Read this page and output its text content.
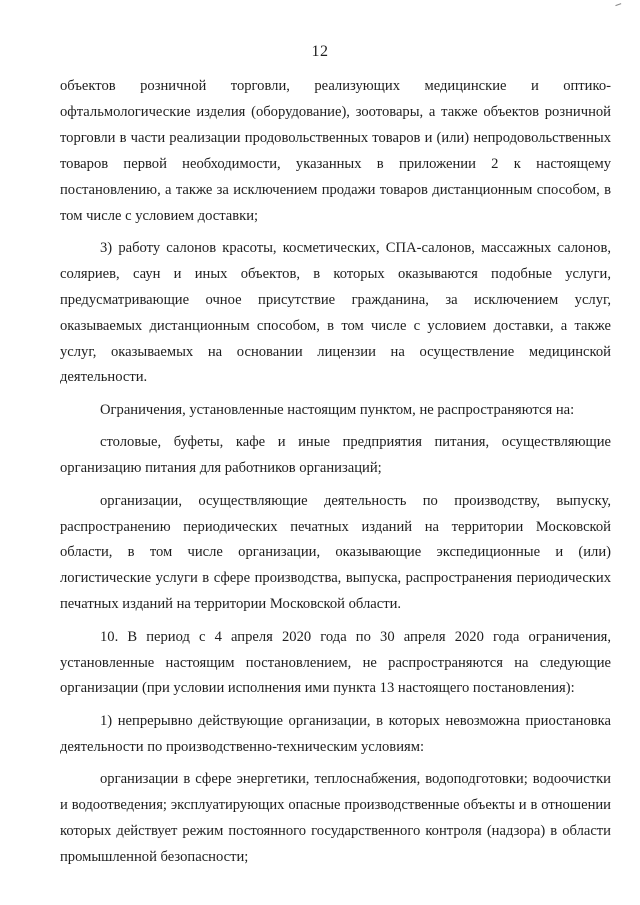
12

объектов розничной торговли, реализующих медицинские и оптико-офтальмологические изделия (оборудование), зоотовары, а также объектов розничной торговли в части реализации продовольственных товаров и (или) непродовольственных товаров первой необходимости, указанных в приложении 2 к настоящему постановлению, а также за исключением продажи товаров дистанционным способом, в том числе с условием доставки;

3) работу салонов красоты, косметических, СПА-салонов, массажных салонов, соляриев, саун и иных объектов, в которых оказываются подобные услуги, предусматривающие очное присутствие гражданина, за исключением услуг, оказываемых дистанционным способом, в том числе с условием доставки, а также услуг, оказываемых на основании лицензии на осуществление медицинской деятельности.

Ограничения, установленные настоящим пунктом, не распространяются на:

столовые, буфеты, кафе и иные предприятия питания, осуществляющие организацию питания для работников организаций;

организации, осуществляющие деятельность по производству, выпуску, распространению периодических печатных изданий на территории Московской области, в том числе организации, оказывающие экспедиционные и (или) логистические услуги в сфере производства, выпуска, распространения периодических печатных изданий на территории Московской области.

10. В период с 4 апреля 2020 года по 30 апреля 2020 года ограничения, установленные настоящим постановлением, не распространяются на следующие организации (при условии исполнения ими пункта 13 настоящего постановления):

1) непрерывно действующие организации, в которых невозможна приостановка деятельности по производственно-техническим условиям:

организации в сфере энергетики, теплоснабжения, водоподготовки; водоочистки и водоотведения; эксплуатирующих опасные производственные объекты и в отношении которых действует режим постоянного государственного контроля (надзора) в области промышленной безопасности;
